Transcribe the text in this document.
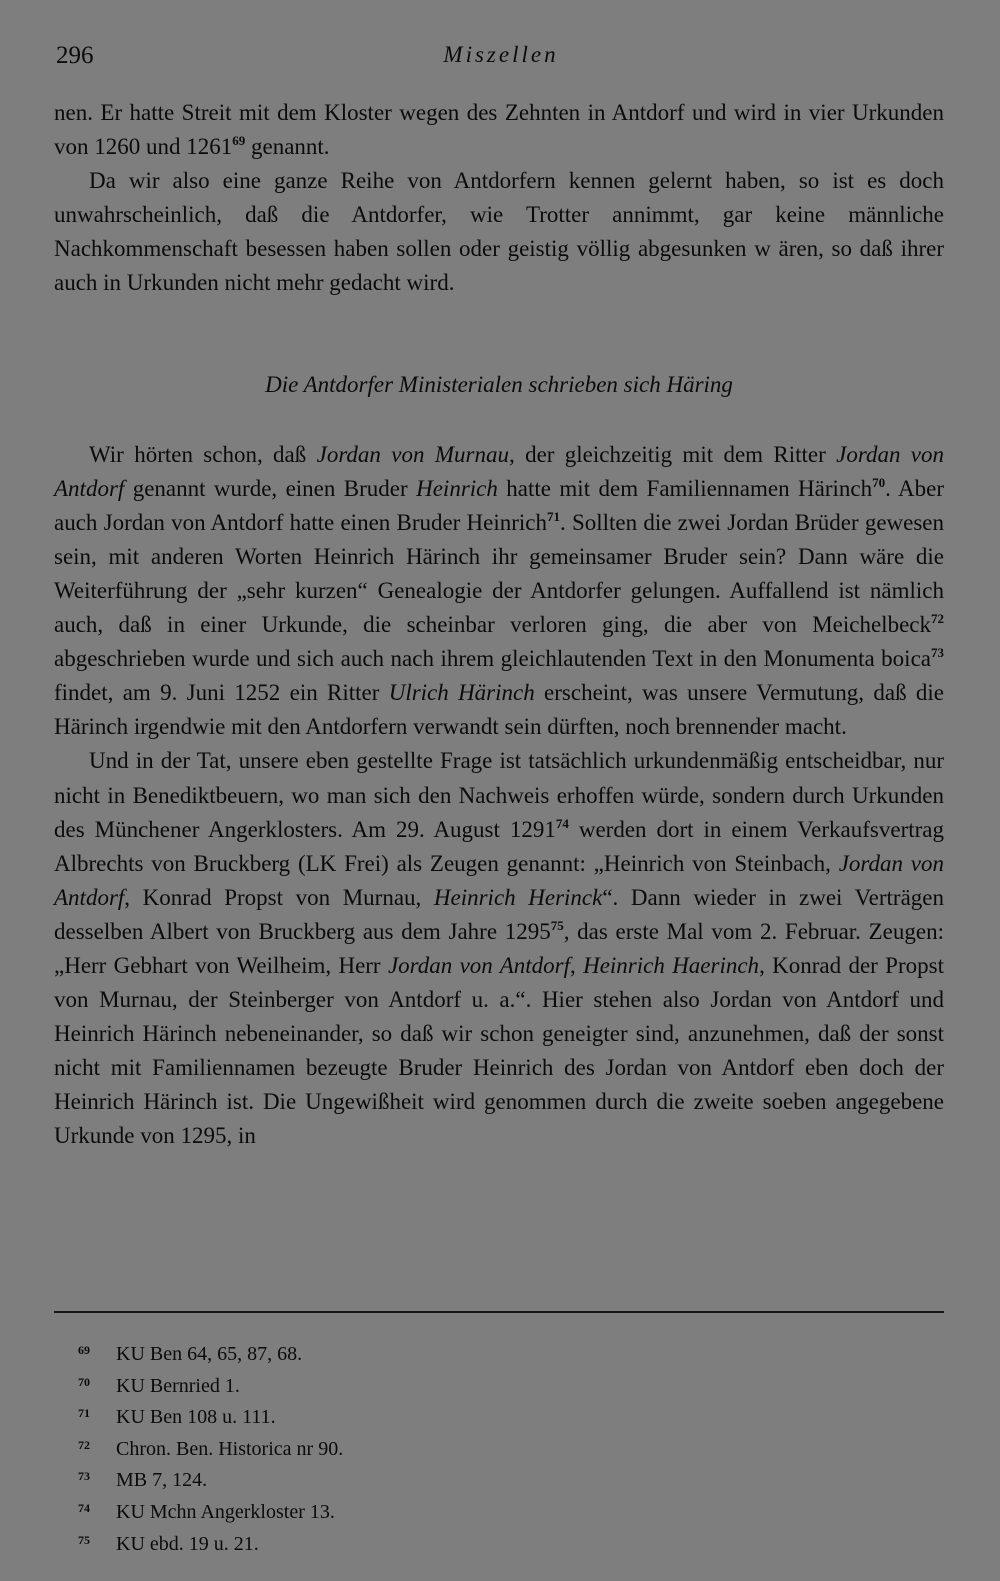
296	Miszellen

nen. Er hatte Streit mit dem Kloster wegen des Zehnten in Antdorf und wird in vier Urkunden von 1260 und 1261$^{69}$ genannt.

Da wir also eine ganze Reihe von Antdorfern kennen gelernt haben, so ist es doch unwahrscheinlich, daß die Antdorfer, wie Trotter annimmt, gar keine männliche Nachkommenschaft besessen haben sollen oder geistig völlig abgesunken w ären, so daß ihrer auch in Urkunden nicht mehr gedacht wird.

Die Antdorfer Ministerialen schrieben sich Häring

Wir hörten schon, daß Jordan von Murnau, der gleichzeitig mit dem Ritter Jordan von Antdorf genannt wurde, einen Bruder Heinrich hatte mit dem Familiennamen Härinch$^{70}$. Aber auch Jordan von Antdorf hatte einen Bruder Heinrich$^{71}$. Sollten die zwei Jordan Brüder gewesen sein, mit anderen Worten Heinrich Härinch ihr gemeinsamer Bruder sein? Dann wäre die Weiterführung der „sehr kurzen“ Genealogie der Antdorfer gelungen. Auffallend ist nämlich auch, daß in einer Urkunde, die scheinbar verloren ging, die aber von Meichelbeck$^{72}$ abgeschrieben wurde und sich auch nach ihrem gleichlautenden Text in den Monumenta boica$^{73}$ findet, am 9. Juni 1252 ein Ritter Ulrich Härinch erscheint, was unsere Vermutung, daß die Härinch irgendwie mit den Antdorfern verwandt sein dürften, noch brennender macht.

Und in der Tat, unsere eben gestellte Frage ist tatsächlich urkundenmäßig entscheidbar, nur nicht in Benediktbeuern, wo man sich den Nachweis erhoffen würde, sondern durch Urkunden des Münchener Angerklosters. Am 29. August 1291$^{74}$ werden dort in einem Verkaufsvertrag Albrechts von Bruckberg (LK Frei) als Zeugen genannt: „Heinrich von Steinbach, Jordan von Antdorf, Konrad Propst von Murnau, Heinrich Herinck“. Dann wieder in zwei Verträgen desselben Albert von Bruckberg aus dem Jahre 1295$^{75}$, das erste Mal vom 2. Februar. Zeugen: „Herr Gebhart von Weilheim, Herr Jordan von Antdorf, Heinrich Haerinch, Konrad der Propst von Murnau, der Steinberger von Antdorf u. a.“. Hier stehen also Jordan von Antdorf und Heinrich Härinch nebeneinander, so daß wir schon geneigter sind, anzunehmen, daß der sonst nicht mit Familiennamen bezeugte Bruder Heinrich des Jordan von Antdorf eben doch der Heinrich Härinch ist. Die Ungewißheit wird genommen durch die zweite soeben angegebene Urkunde von 1295, in

69 KU Ben 64, 65, 87, 68.
70 KU Bernried 1.
71 KU Ben 108 u. 111.
72 Chron. Ben. Historica nr 90.
73 MB 7, 124.
74 KU Mchn Angerkloster 13.
75 KU ebd. 19 u. 21.
